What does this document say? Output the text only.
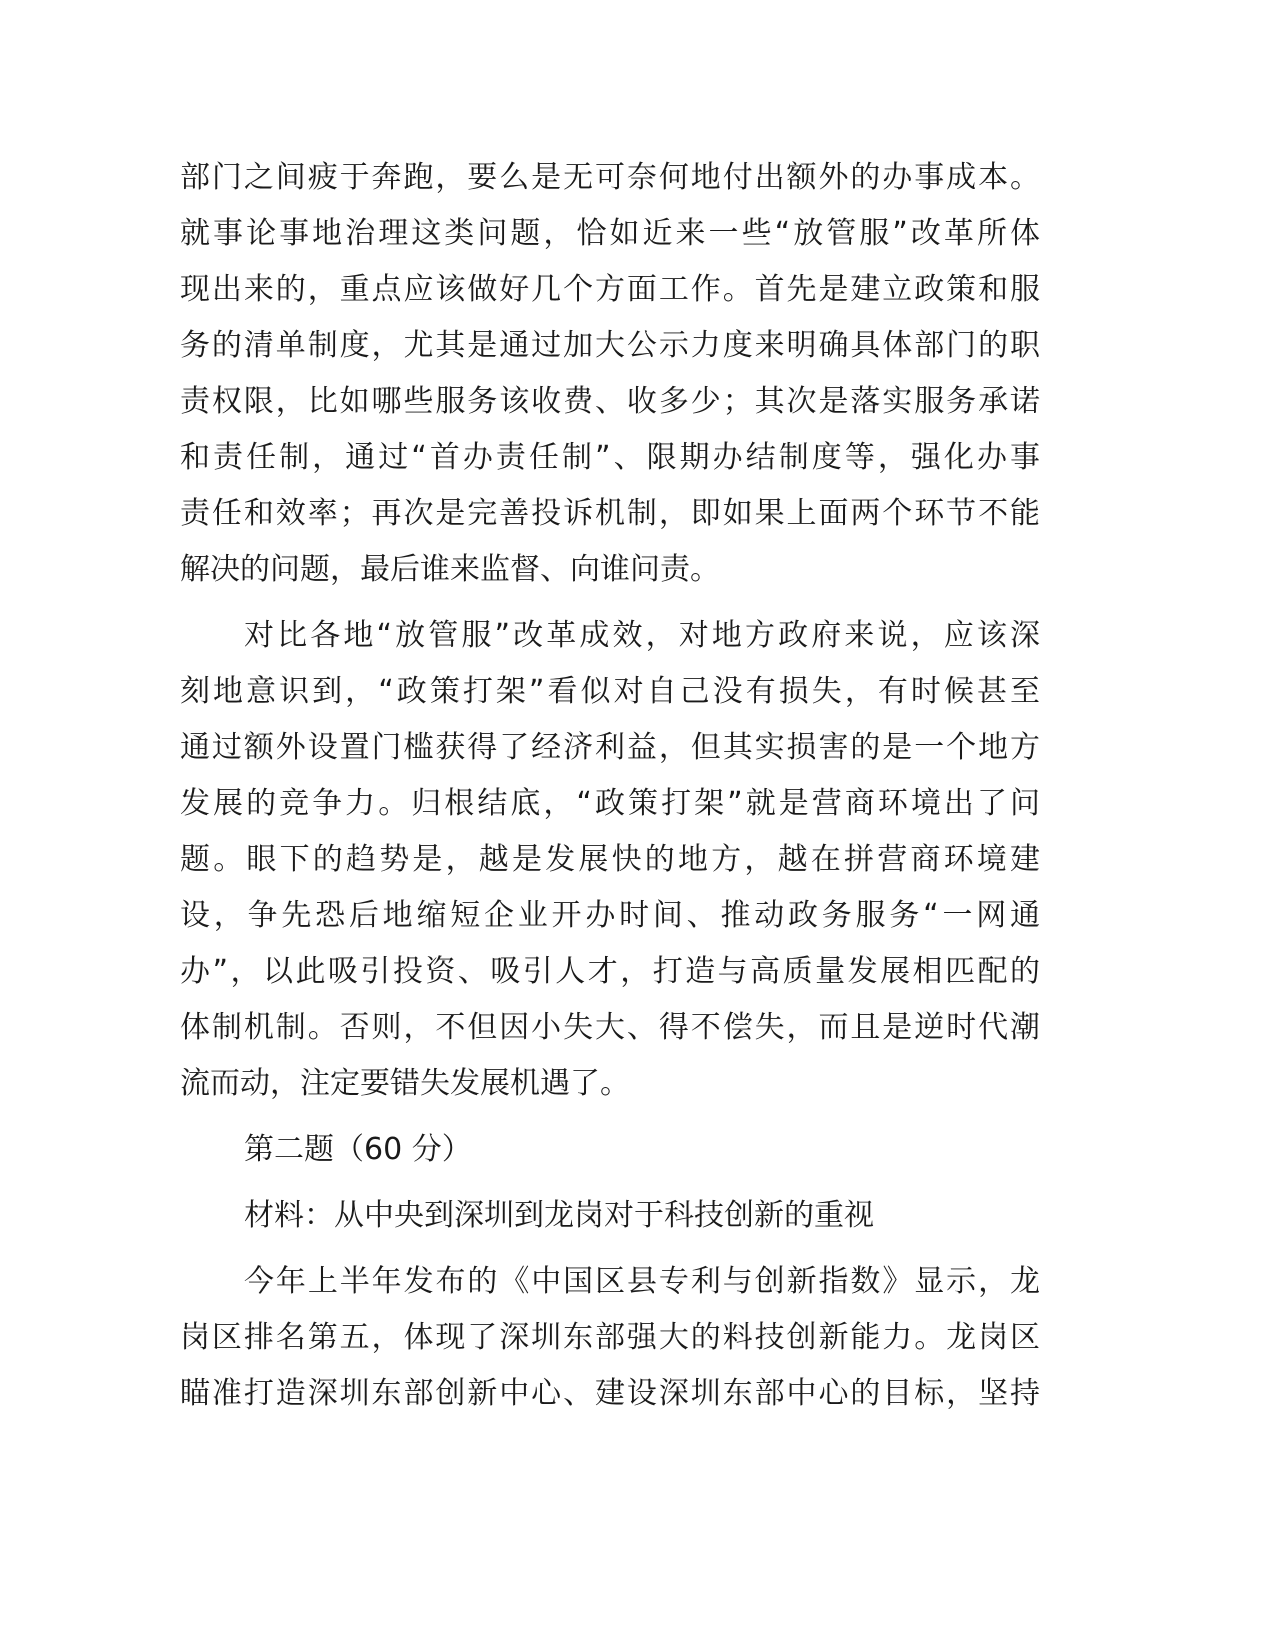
部门之间疲于奔跑，要么是无可奈何地付出额外的办事成本。
就事论事地治理这类问题，恰如近来一些“放管服”改革所体
现出来的，重点应该做好几个方面工作。首先是建立政策和服
务的清单制度，尤其是通过加大公示力度来明确具体部门的职
责权限，比如哪些服务该收费、收多少；其次是落实服务承诺
和责任制，通过“首办责任制”、限期办结制度等，强化办事
责任和效率；再次是完善投诉机制，即如果上面两个环节不能
解决的问题，最后谁来监督、向谁问责。
对比各地“放管服”改革成效，对地方政府来说，应该深
刻地意识到，“政策打架”看似对自己没有损失，有时候甚至
通过额外设置门槛获得了经济利益，但其实损害的是一个地方
发展的竞争力。归根结底，“政策打架”就是营商环境出了问
题。眼下的趋势是，越是发展快的地方，越在拼营商环境建
设，争先恐后地缩短企业开办时间、推动政务服务“一网通
办”，以此吸引投资、吸引人才，打造与高质量发展相匹配的
体制机制。否则，不但因小失大、得不偿失，而且是逆时代潮
流而动，注定要错失发展机遇了。
第二题（60 分）
材料：从中央到深圳到龙岗对于科技创新的重视
今年上半年发布的《中国区县专利与创新指数》显示，龙
岗区排名第五，体现了深圳东部强大的料技创新能力。龙岗区
瞄准打造深圳东部创新中心、建设深圳东部中心的目标，坚持
